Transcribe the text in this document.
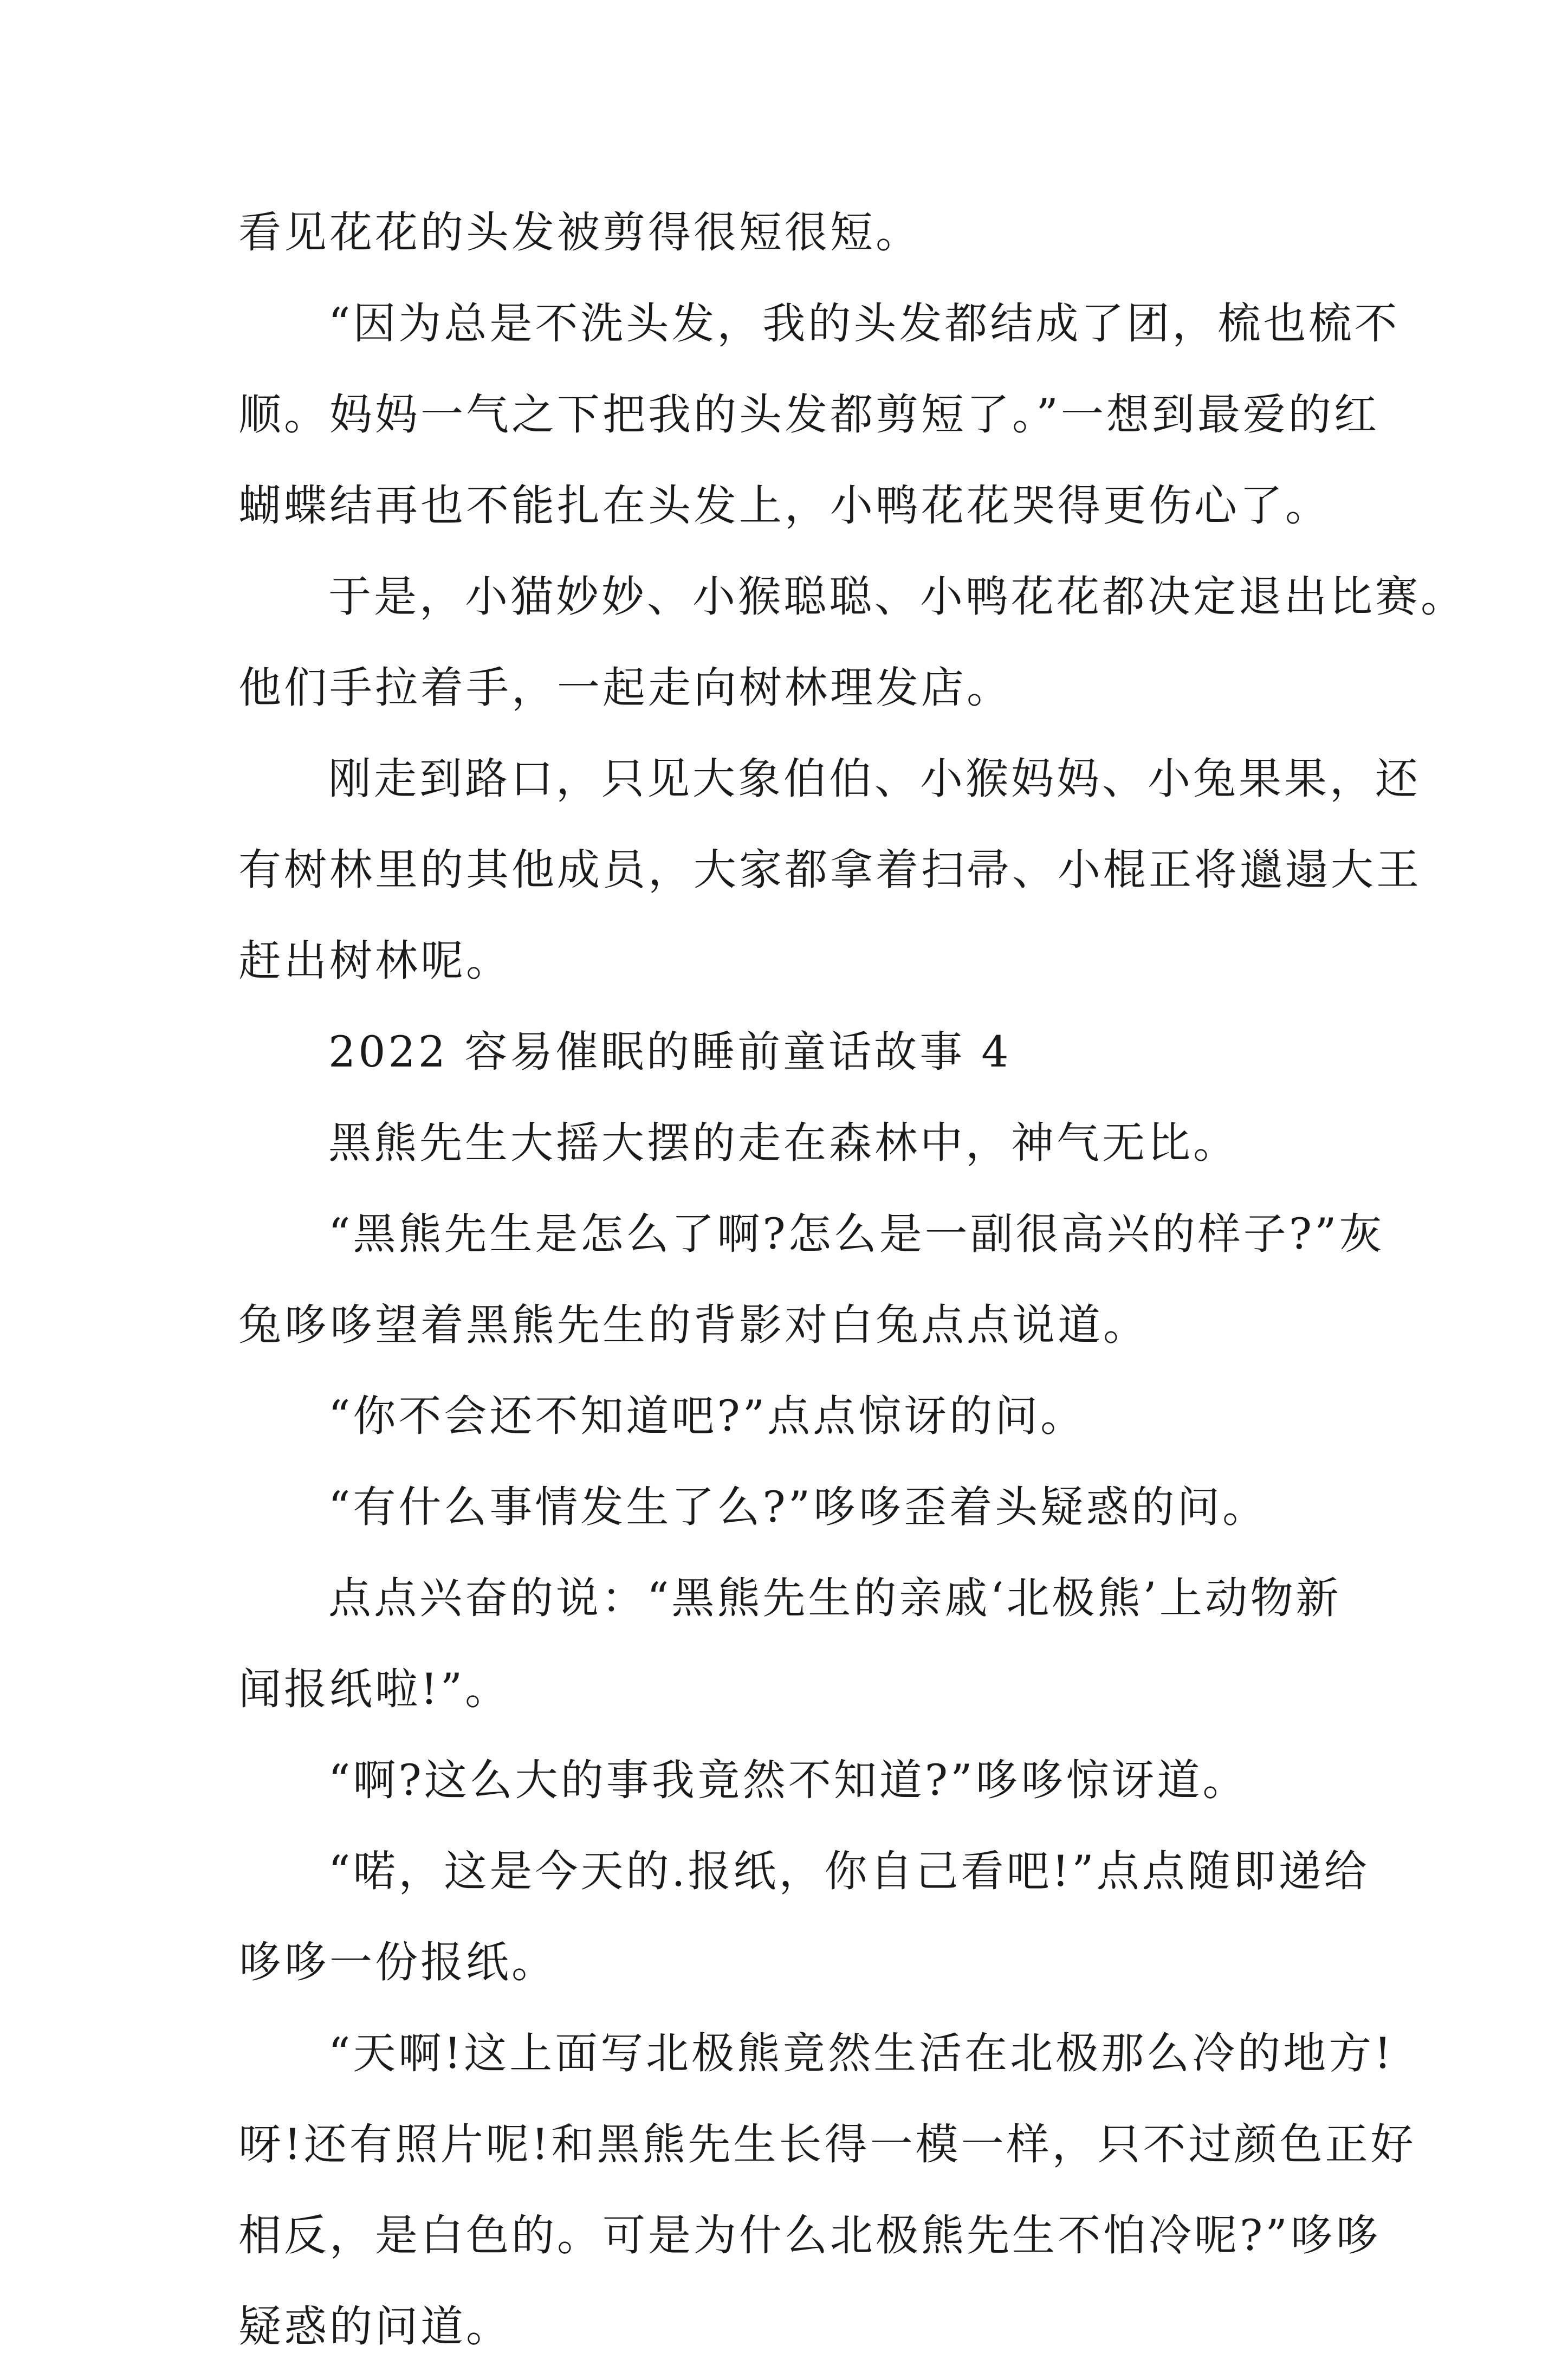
看见花花的头发被剪得很短很短。
“因为总是不洗头发，我的头发都结成了团，梳也梳不
顺。妈妈一气之下把我的头发都剪短了。”一想到最爱的红
蝴蝶结再也不能扎在头发上，小鸭花花哭得更伤心了。
于是，小猫妙妙、小猴聪聪、小鸭花花都决定退出比赛。
他们手拉着手，一起走向树林理发店。
刚走到路口，只见大象伯伯、小猴妈妈、小兔果果，还
有树林里的其他成员，大家都拿着扫帚、小棍正将邋遢大王
赶出树林呢。
2022 容易催眠的睡前童话故事 4
黑熊先生大摇大摆的走在森林中，神气无比。
“黑熊先生是怎么了啊?怎么是一副很高兴的样子?”灰
兔哆哆望着黑熊先生的背影对白兔点点说道。
“你不会还不知道吧?”点点惊讶的问。
“有什么事情发生了么?”哆哆歪着头疑惑的问。
点点兴奋的说：“黑熊先生的亲戚‘北极熊’上动物新
闻报纸啦!”。
“啊?这么大的事我竟然不知道?”哆哆惊讶道。
“喏，这是今天的.报纸，你自己看吧!”点点随即递给
哆哆一份报纸。
“天啊!这上面写北极熊竟然生活在北极那么冷的地方!
呀!还有照片呢!和黑熊先生长得一模一样，只不过颜色正好
相反，是白色的。可是为什么北极熊先生不怕冷呢?”哆哆
疑惑的问道。
